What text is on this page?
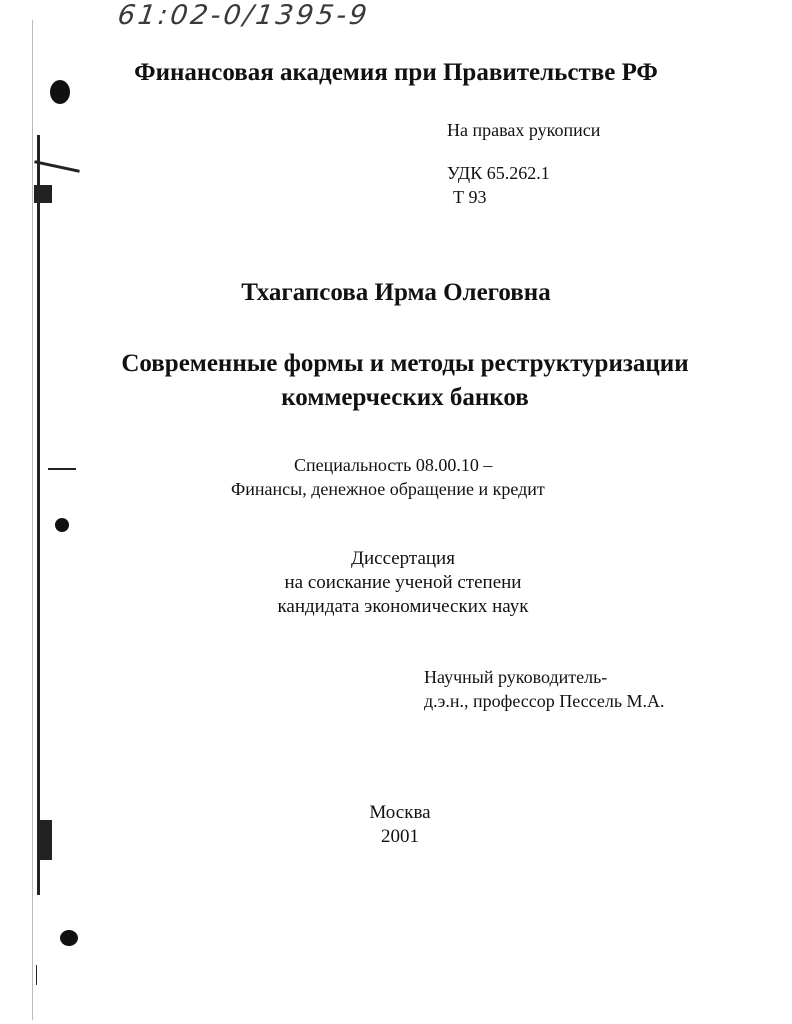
61:02-0/1395-9
Финансовая академия при Правительстве РФ
На правах рукописи
УДК 65.262.1
Т 93
Тхагапсова Ирма Олеговна
Современные формы и методы реструктуризации
коммерческих банков
Специальность 08.00.10 –
Финансы, денежное обращение и кредит
Диссертация
на соискание ученой степени
кандидата экономических наук
Научный руководитель-
д.э.н., профессор Пессель М.А.
Москва
2001
